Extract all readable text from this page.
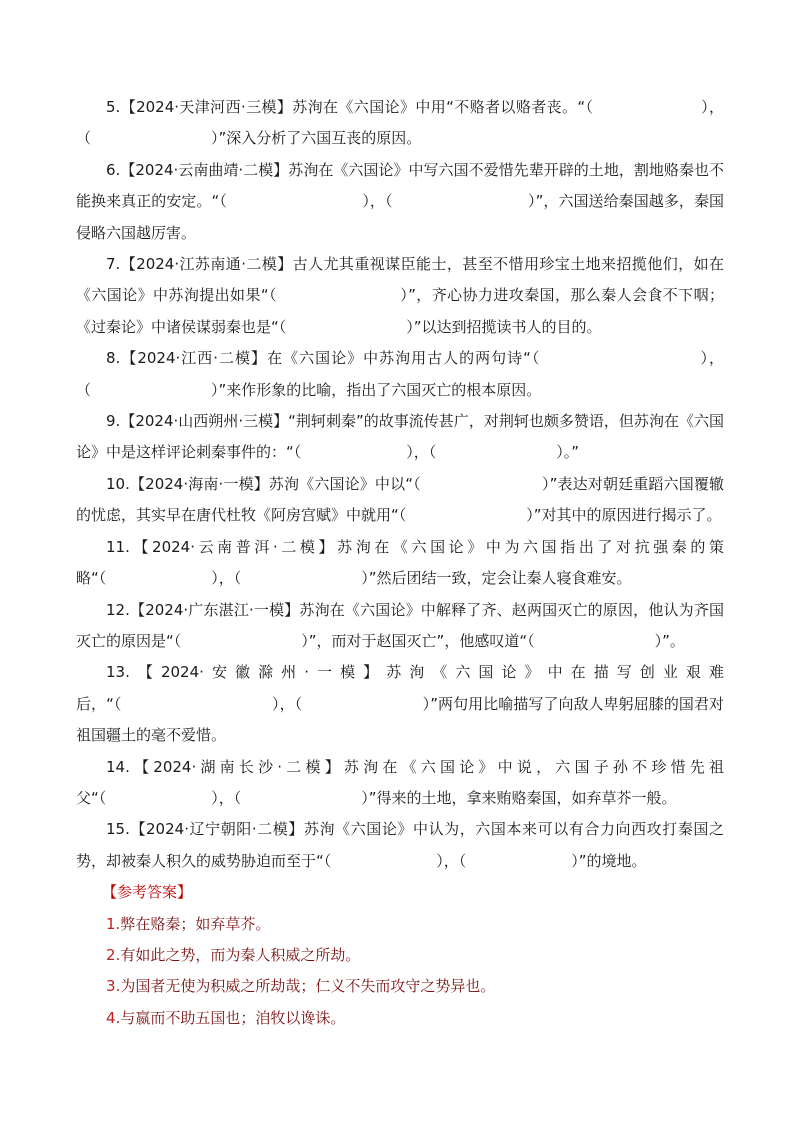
5.【2024·天津河西·三模】苏洵在《六国论》中用“不赂者以赂者丧。“（　　　　　　　），（　　　　　　　　）”深入分析了六国互丧的原因。

6.【2024·云南曲靖·二模】苏洵在《六国论》中写六国不爱惜先辈开辟的土地，割地赂秦也不能换来真正的安定。“（　　　　　　　　　），（　　　　　　　　　）”，六国送给秦国越多，秦国侵略六国越厉害。

7.【2024·江苏南通·二模】古人尤其重视谋臣能士，甚至不惜用珍宝土地来招揽他们，如在《六国论》中苏洵提出如果“（　　　　　　　　）”，齐心协力进攻秦国，那么秦人会食不下咽；《过秦论》中诸侯谋弱秦也是“（　　　　　　　　）”以达到招揽读书人的目的。

8.【2024·江西·二模】在《六国论》中苏洵用古人的两句诗“（　　　　　　　　　　），（　　　　　　　　）”来作形象的比喻，指出了六国灭亡的根本原因。

9.【2024·山西朔州·三模】“荆轲刺秦”的故事流传甚广，对荆轲也颇多赞语，但苏洵在《六国论》中是这样评论刺秦事件的：“（　　　　　　　），（　　　　　　　　）。”

10.【2024·海南·一模】苏洵《六国论》中以“（　　　　　　　　）”表达对朝廷重蹈六国覆辙的忧虑，其实早在唐代杜牧《阿房宫赋》中就用“（　　　　　　　　）”对其中的原因进行揭示了。

11.【2024·云南普洱·二模】苏洵在《六国论》中为六国指出了对抗强秦的策略“（　　　　　　　），（　　　　　　　　）”然后团结一致，定会让秦人寝食难安。

12.【2024·广东湛江·一模】苏洵在《六国论》中解释了齐、赵两国灭亡的原因，他认为齐国灭亡的原因是“（　　　　　　　　）”，而对于赵国灭亡”，他感叹道“（　　　　　　　　）”。

13.【2024·安徽滁州·一模】苏洵《六国论》中在描写创业艰难后，“（　　　　　　　　　　），（　　　　　　　　）”两句用比喻描写了向敌人卑躬屈膝的国君对祖国疆土的毫不爱惜。

14.【2024·湖南长沙·二模】苏洵在《六国论》中说，六国子孙不珍惜先祖父“（　　　　　　　），（　　　　　　　　）”得来的土地，拿来贿赂秦国，如弃草芥一般。

15.【2024·辽宁朝阳·二模】苏洵《六国论》中认为，六国本来可以有合力向西攻打秦国之势，却被秦人积久的威势胁迫而至于“（　　　　　　　），（　　　　　　　）”的境地。

【参考答案】

1.弊在赂秦；如弃草芥。

2.有如此之势，而为秦人积威之所劫。

3.为国者无使为积威之所劫哉；仁义不失而攻守之势异也。

4.与嬴而不助五国也；洎牧以谗诛。
